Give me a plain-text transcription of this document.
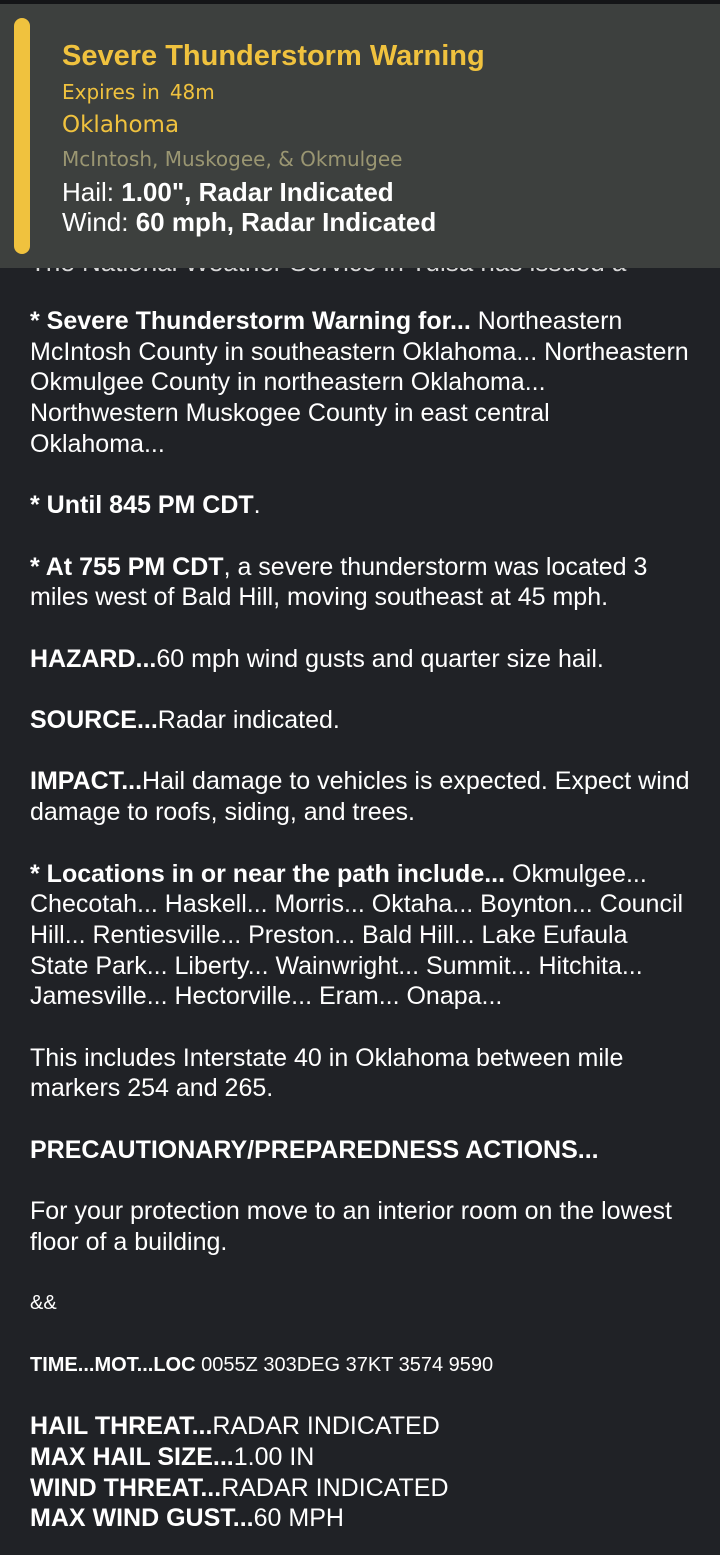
Severe Thunderstorm Warning
Expires in 48m
Oklahoma
McIntosh, Muskogee, & Okmulgee
Hail: 1.00", Radar Indicated
Wind: 60 mph, Radar Indicated

* Severe Thunderstorm Warning for... Northeastern McIntosh County in southeastern Oklahoma... Northeastern Okmulgee County in northeastern Oklahoma... Northwestern Muskogee County in east central Oklahoma...

* Until 845 PM CDT.

* At 755 PM CDT, a severe thunderstorm was located 3 miles west of Bald Hill, moving southeast at 45 mph.

HAZARD...60 mph wind gusts and quarter size hail.

SOURCE...Radar indicated.

IMPACT...Hail damage to vehicles is expected. Expect wind damage to roofs, siding, and trees.

* Locations in or near the path include... Okmulgee... Checotah... Haskell... Morris... Oktaha... Boynton... Council Hill... Rentiesville... Preston... Bald Hill... Lake Eufaula State Park... Liberty... Wainwright... Summit... Hitchita... Jamesville... Hectorville... Eram... Onapa...

This includes Interstate 40 in Oklahoma between mile markers 254 and 265.

PRECAUTIONARY/PREPAREDNESS ACTIONS...

For your protection move to an interior room on the lowest floor of a building.

&&

TIME...MOT...LOC 0055Z 303DEG 37KT 3574 9590

HAIL THREAT...RADAR INDICATED
MAX HAIL SIZE...1.00 IN
WIND THREAT...RADAR INDICATED
MAX WIND GUST...60 MPH
